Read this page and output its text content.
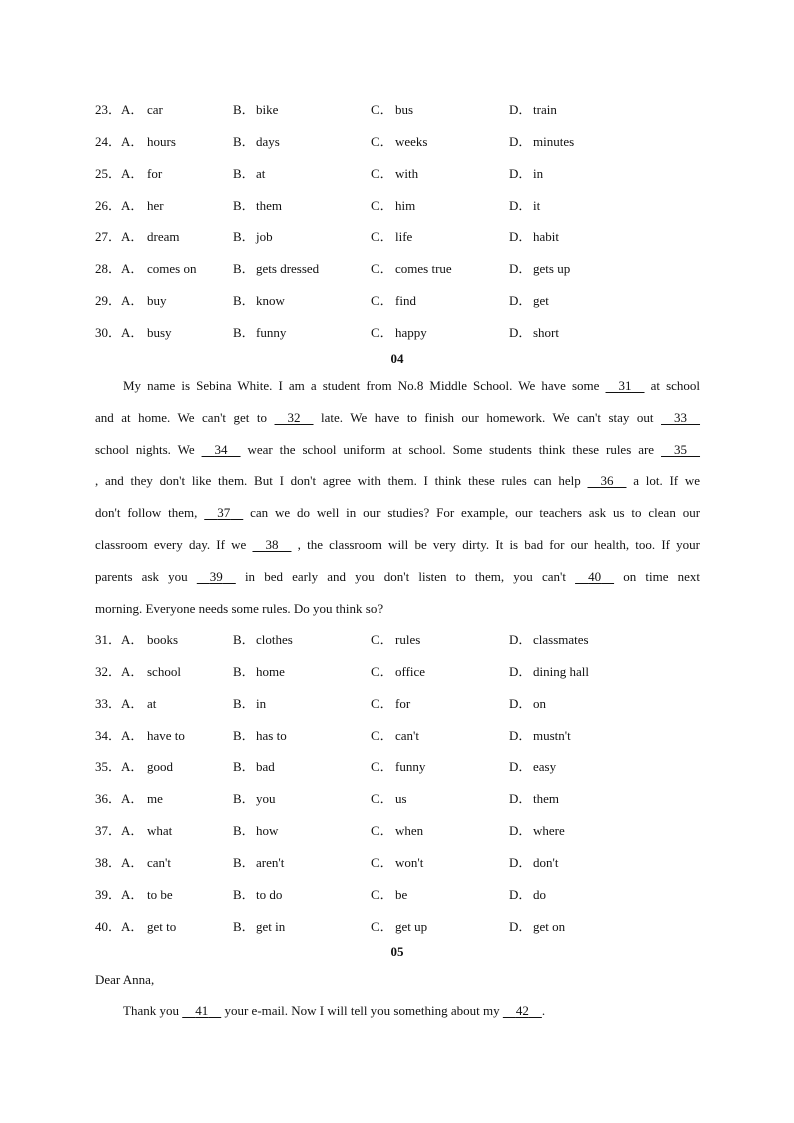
23．A． car	B． bike	C． bus	D． train
24．A． hours	B． days	C． weeks	D． minutes
25．A． for	B． at	C． with	D． in
26．A． her	B． them	C． him	D． it
27．A． dream	B． job	C． life	D． habit
28．A． comes on	B． gets dressed	C． comes true	D． gets up
29．A． buy	B． know	C． find	D． get
30．A． busy	B． funny	C． happy	D． short
04
My name is Sebina White. I am a student from No.8 Middle School. We have some 31 at school
and at home. We can't get to 32 late. We have to finish our homework. We can't stay out 33
school nights. We 34 wear the school uniform at school. Some students think these rules are 35
, and they don't like them. But I don't agree with them. I think these rules can help 36 a lot. If we
don't follow them, 37 can we do well in our studies? For example, our teachers ask us to clean our
classroom every day. If we 38 , the classroom will be very dirty. It is bad for our health, too. If your
parents ask you 39 in bed early and you don't listen to them, you can't 40 on time next
morning. Everyone needs some rules. Do you think so?
31．A． books	B． clothes	C． rules	D． classmates
32．A． school	B． home	C． office	D． dining hall
33．A． at	B． in	C． for	D． on
34．A． have to	B． has to	C． can't	D． mustn't
35．A． good	B． bad	C． funny	D． easy
36．A． me	B． you	C． us	D． them
37．A． what	B． how	C． when	D． where
38．A． can't	B． aren't	C． won't	D． don't
39．A． to be	B． to do	C． be	D． do
40．A． get to	B． get in	C． get up	D． get on
05
Dear Anna,
Thank you 41 your e-mail. Now I will tell you something about my 42 .
